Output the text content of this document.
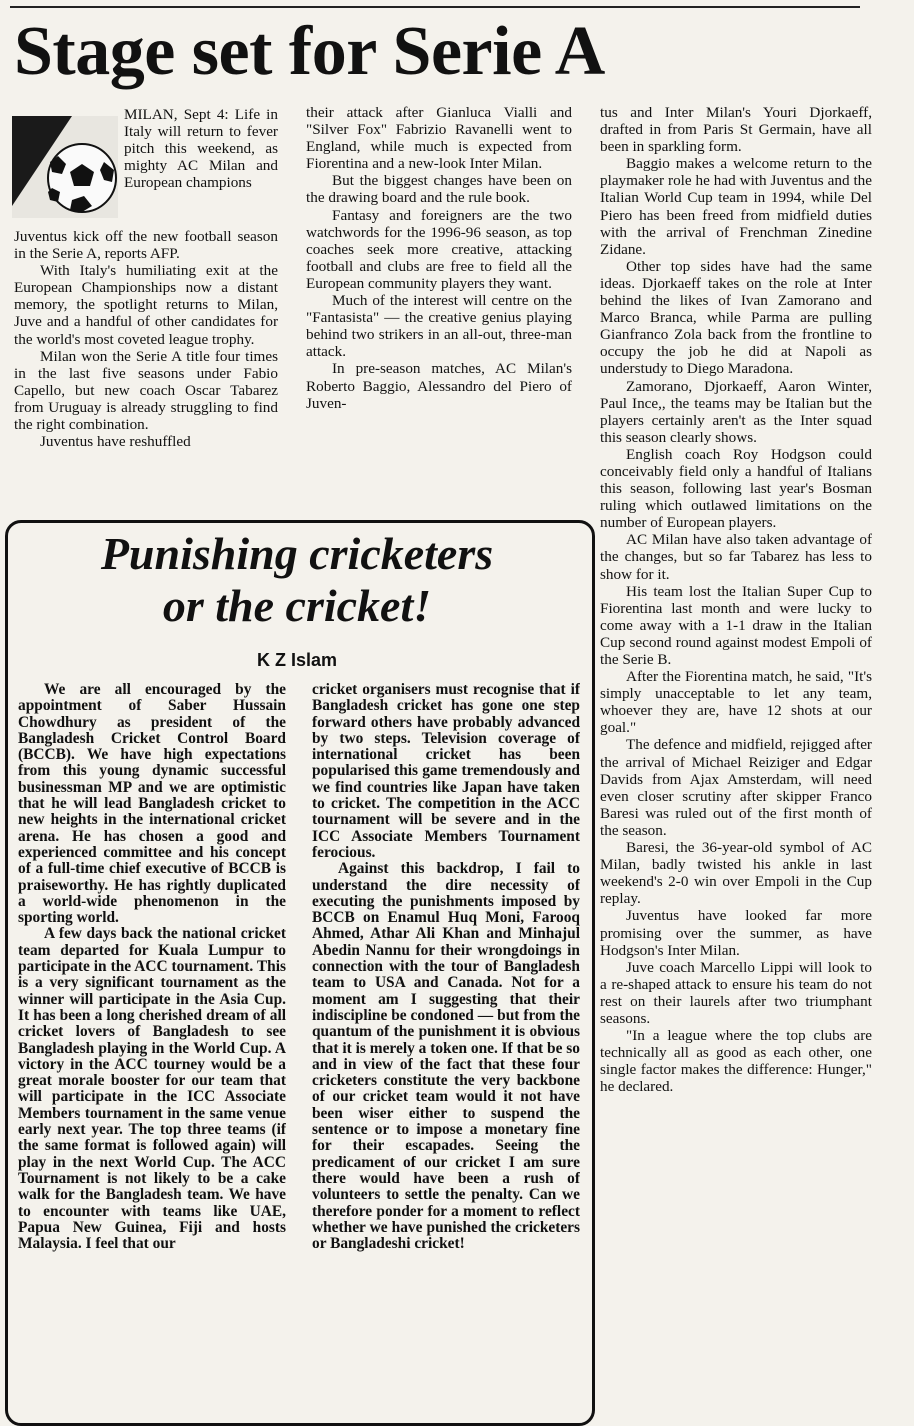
Stage set for Serie A

MILAN, Sept 4: Life in Italy will return to fever pitch this weekend, as mighty AC Milan and European champions

Juventus kick off the new football season in the Serie A, reports AFP.

With Italy's humiliating exit at the European Championships now a distant memory, the spotlight returns to Milan, Juve and a handful of other candidates for the world's most coveted league trophy.

Milan won the Serie A title four times in the last five seasons under Fabio Capello, but new coach Oscar Tabarez from Uruguay is already struggling to find the right combination.

Juventus have reshuffled

their attack after Gianluca Vialli and "Silver Fox" Fabrizio Ravanelli went to England, while much is expected from Fiorentina and a new-look Inter Milan.

But the biggest changes have been on the drawing board and the rule book.

Fantasy and foreigners are the two watchwords for the 1996-96 season, as top coaches seek more creative, attacking football and clubs are free to field all the European community players they want.

Much of the interest will centre on the "Fantasista" — the creative genius playing behind two strikers in an all-out, three-man attack.

In pre-season matches, AC Milan's Roberto Baggio, Alessandro del Piero of Juven-

tus and Inter Milan's Youri Djorkaeff, drafted in from Paris St Germain, have all been in sparkling form.

Baggio makes a welcome return to the playmaker role he had with Juventus and the Italian World Cup team in 1994, while Del Piero has been freed from midfield duties with the arrival of Frenchman Zinedine Zidane.

Other top sides have had the same ideas. Djorkaeff takes on the role at Inter behind the likes of Ivan Zamorano and Marco Branca, while Parma are pulling Gianfranco Zola back from the frontline to occupy the job he did at Napoli as understudy to Diego Maradona.

Zamorano, Djorkaeff, Aaron Winter, Paul Ince,, the teams may be Italian but the players certainly aren't as the Inter squad this season clearly shows.

English coach Roy Hodgson could conceivably field only a handful of Italians this season, following last year's Bosman ruling which outlawed limitations on the number of European players.

AC Milan have also taken advantage of the changes, but so far Tabarez has less to show for it.

His team lost the Italian Super Cup to Fiorentina last month and were lucky to come away with a 1-1 draw in the Italian Cup second round against modest Empoli of the Serie B.

After the Fiorentina match, he said, "It's simply unacceptable to let any team, whoever they are, have 12 shots at our goal."

The defence and midfield, rejigged after the arrival of Michael Reiziger and Edgar Davids from Ajax Amsterdam, will need even closer scrutiny after skipper Franco Baresi was ruled out of the first month of the season.

Baresi, the 36-year-old symbol of AC Milan, badly twisted his ankle in last weekend's 2-0 win over Empoli in the Cup replay.

Juventus have looked far more promising over the summer, as have Hodgson's Inter Milan.

Juve coach Marcello Lippi will look to a re-shaped attack to ensure his team do not rest on their laurels after two triumphant seasons.

"In a league where the top clubs are technically all as good as each other, one single factor makes the difference: Hunger," he declared.

Punishing cricketers
or the cricket!

K Z Islam

We are all encouraged by the appointment of Saber Hussain Chowdhury as president of the Bangladesh Cricket Control Board (BCCB). We have high expectations from this young dynamic successful businessman MP and we are optimistic that he will lead Bangladesh cricket to new heights in the international cricket arena. He has chosen a good and experienced committee and his concept of a full-time chief executive of BCCB is praiseworthy. He has rightly duplicated a world-wide phenomenon in the sporting world.

A few days back the national cricket team departed for Kuala Lumpur to participate in the ACC tournament. This is a very significant tournament as the winner will participate in the Asia Cup. It has been a long cherished dream of all cricket lovers of Bangladesh to see Bangladesh playing in the World Cup. A victory in the ACC tourney would be a great morale booster for our team that will participate in the ICC Associate Members tournament in the same venue early next year. The top three teams (if the same format is followed again) will play in the next World Cup. The ACC Tournament is not likely to be a cake walk for the Bangladesh team. We have to encounter with teams like UAE, Papua New Guinea, Fiji and hosts Malaysia. I feel that our

cricket organisers must recognise that if Bangladesh cricket has gone one step forward others have probably advanced by two steps. Television coverage of international cricket has been popularised this game tremendously and we find countries like Japan have taken to cricket. The competition in the ACC tournament will be severe and in the ICC Associate Members Tournament ferocious.

Against this backdrop, I fail to understand the dire necessity of executing the punishments imposed by BCCB on Enamul Huq Moni, Farooq Ahmed, Athar Ali Khan and Minhajul Abedin Nannu for their wrongdoings in connection with the tour of Bangladesh team to USA and Canada. Not for a moment am I suggesting that their indiscipline be condoned — but from the quantum of the punishment it is obvious that it is merely a token one. If that be so and in view of the fact that these four cricketers constitute the very backbone of our cricket team would it not have been wiser either to suspend the sentence or to impose a monetary fine for their escapades. Seeing the predicament of our cricket I am sure there would have been a rush of volunteers to settle the penalty. Can we therefore ponder for a moment to reflect whether we have punished the cricketers or Bangladeshi cricket!
